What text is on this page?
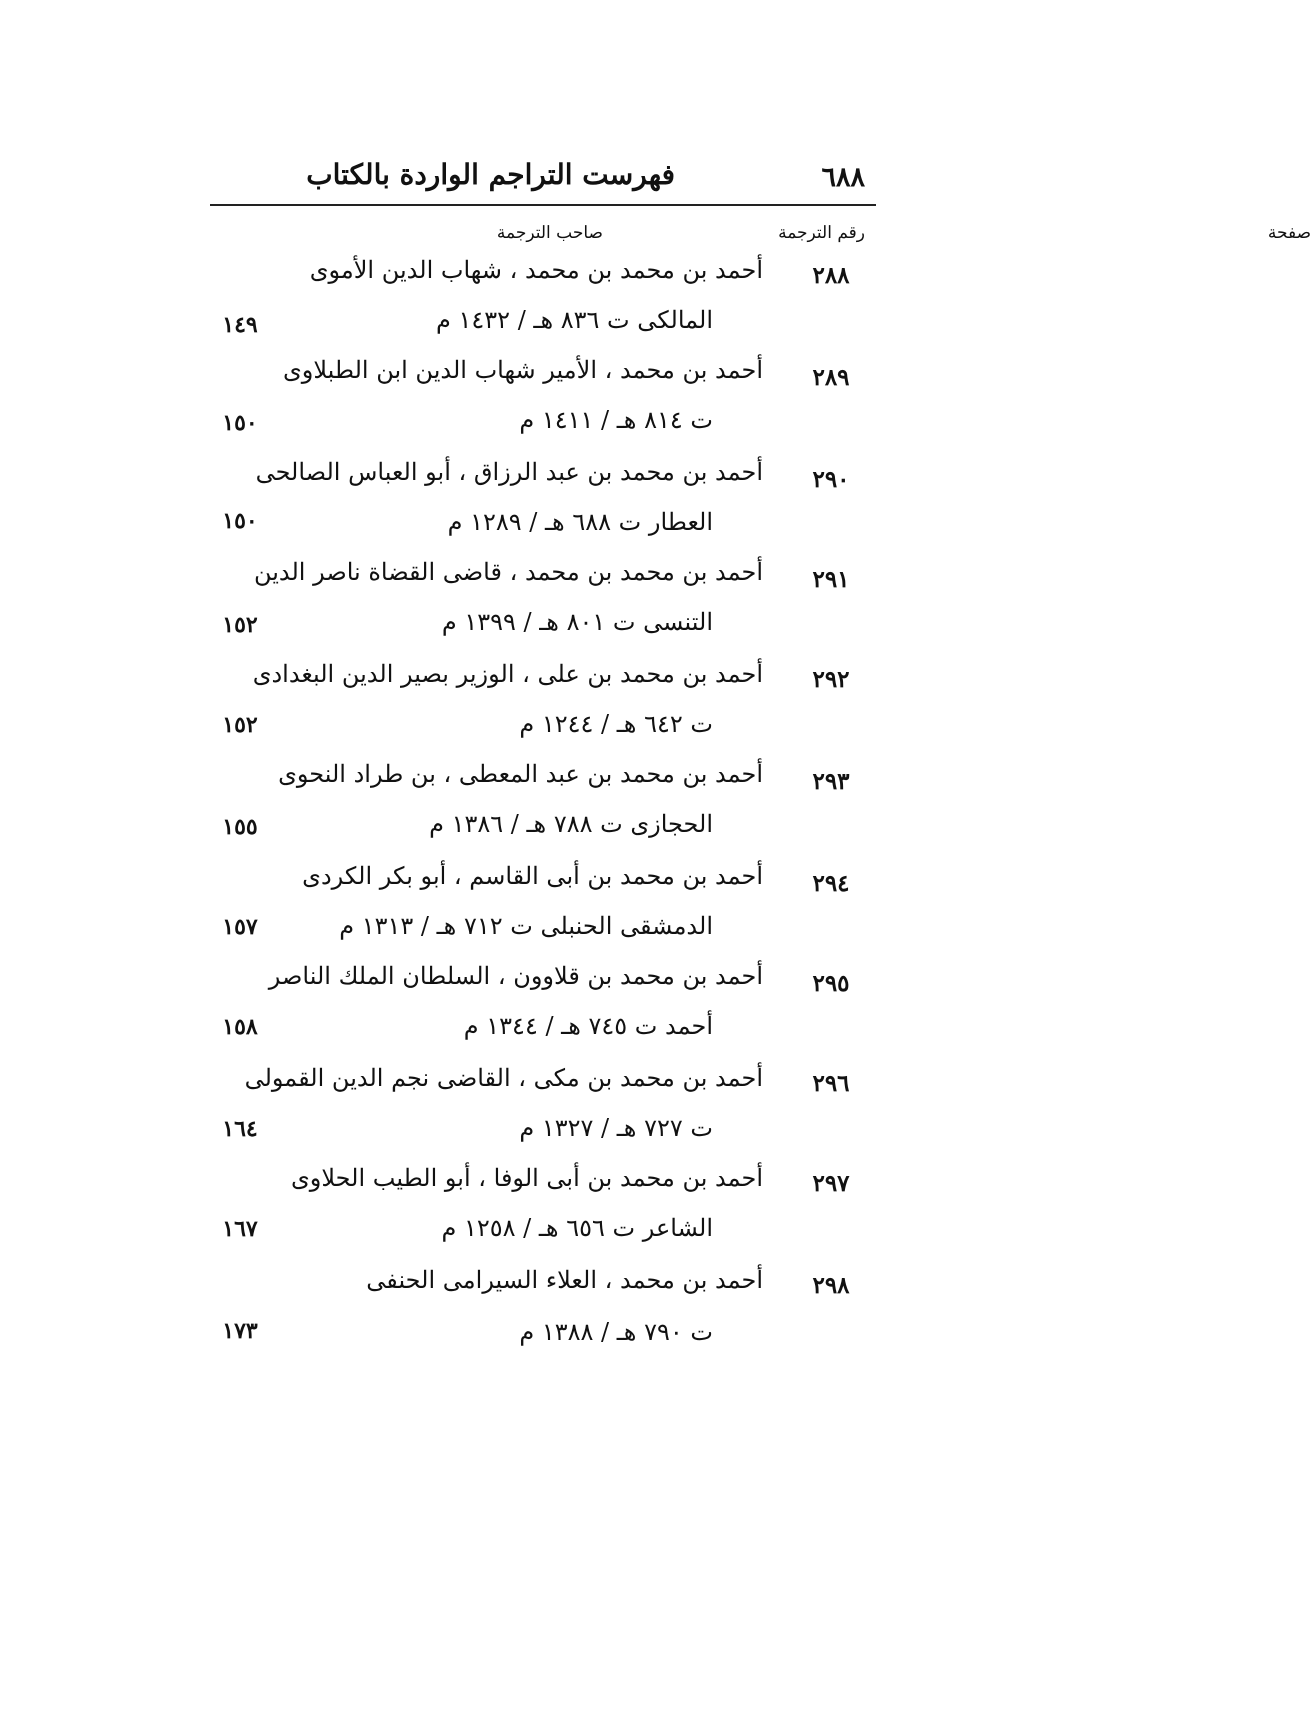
٦٨٨
فهرست التراجم الواردة بالكتاب
رقم الترجمة
صاحب الترجمة	صفحة
٢٨٨
أحمد بن محمد بن محمد ، شهاب الدين الأموى
المالكى ت ٨٣٦ هـ / ١٤٣٢ م
١٤٩
٢٨٩
أحمد بن محمد ، الأمير شهاب الدين ابن الطبلاوى
ت ٨١٤ هـ / ١٤١١ م
١٥٠
٢٩٠
أحمد بن محمد بن عبد الرزاق ، أبو العباس الصالحى
العطار ت ٦٨٨ هـ / ١٢٨٩ م
١٥٠
٢٩١
أحمد بن محمد بن محمد ، قاضى القضاة ناصر الدين
التنسى ت ٨٠١ هـ / ١٣٩٩ م
١٥٢
٢٩٢
أحمد بن محمد بن على ، الوزير بصير الدين البغدادى
ت ٦٤٢ هـ / ١٢٤٤ م
١٥٢
٢٩٣
أحمد بن محمد بن عبد المعطى ، بن طراد النحوى
الحجازى ت ٧٨٨ هـ / ١٣٨٦ م
١٥٥
٢٩٤
أحمد بن محمد بن أبى القاسم ، أبو بكر الكردى
الدمشقى الحنبلى ت ٧١٢ هـ / ١٣١٣ م
١٥٧
٢٩٥
أحمد بن محمد بن قلاوون ، السلطان الملك الناصر
أحمد ت ٧٤٥ هـ / ١٣٤٤ م
١٥٨
٢٩٦
أحمد بن محمد بن مكى ، القاضى نجم الدين القمولى
ت ٧٢٧ هـ / ١٣٢٧ م
١٦٤
٢٩٧
أحمد بن محمد بن أبى الوفا ، أبو الطيب الحلاوى
الشاعر ت ٦٥٦ هـ / ١٢٥٨ م
١٦٧
٢٩٨
أحمد بن محمد ، العلاء السيرامى الحنفى
ت ٧٩٠ هـ / ١٣٨٨ م
١٧٣
